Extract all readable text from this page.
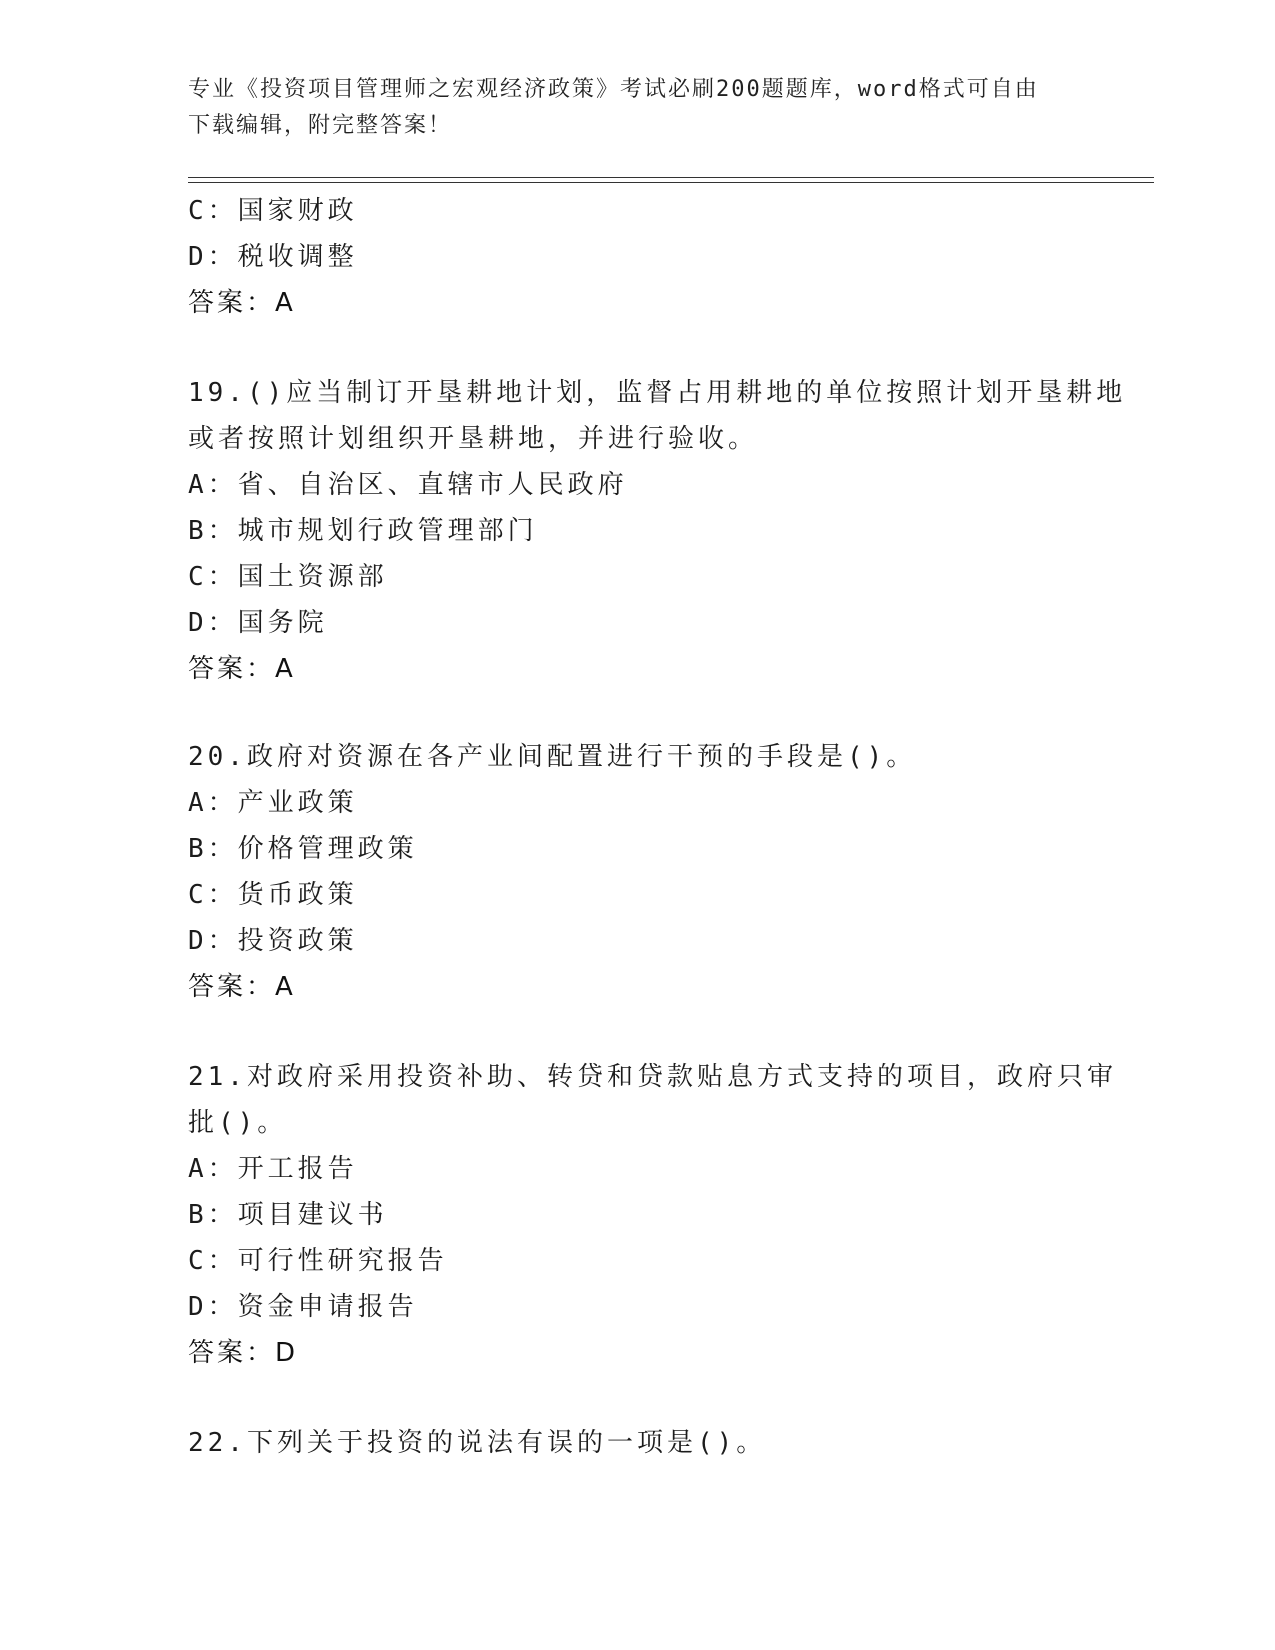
专业《投资项目管理师之宏观经济政策》考试必刷200题题库，word格式可自由
下载编辑，附完整答案！
C：国家财政
D：税收调整
答案：A
19.()应当制订开垦耕地计划，监督占用耕地的单位按照计划开垦耕地
或者按照计划组织开垦耕地，并进行验收。
A：省、自治区、直辖市人民政府
B：城市规划行政管理部门
C：国土资源部
D：国务院
答案：A
20.政府对资源在各产业间配置进行干预的手段是()。
A：产业政策
B：价格管理政策
C：货币政策
D：投资政策
答案：A
21.对政府采用投资补助、转贷和贷款贴息方式支持的项目，政府只审
批()。
A：开工报告
B：项目建议书
C：可行性研究报告
D：资金申请报告
答案：D
22.下列关于投资的说法有误的一项是()。
